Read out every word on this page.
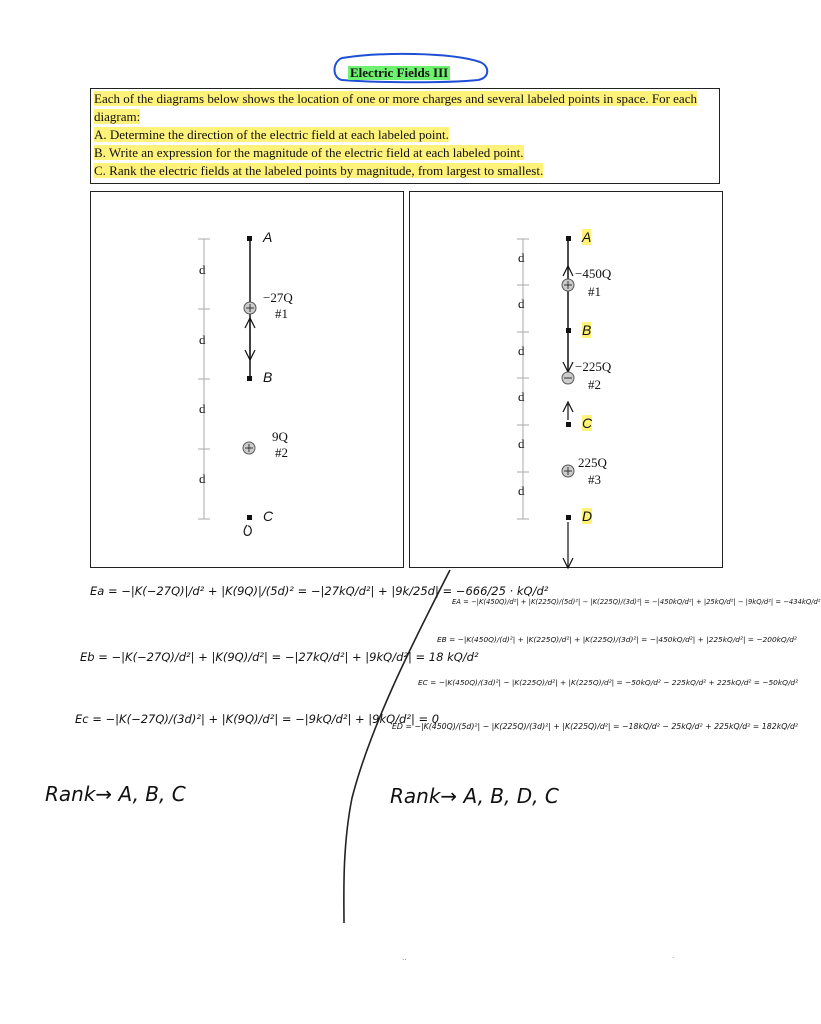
Electric Fields III
Each of the diagrams below shows the location of one or more charges and several labeled points in space. For each diagram:
A. Determine the direction of the electric field at each labeled point.
B. Write an expression for the magnitude of the electric field at each labeled point.
C. Rank the electric fields at the labeled points by magnitude, from largest to smallest.
d
d
d
d
A
B
C
−27Q
#1
9Q
#2
d
d
d
d
d
d
A
B
C
D
−450Q
#1
−225Q
#2
225Q
#3
Ea = −|K(−27Q)|/d² + |K(9Q)|/(5d)² = −|27kQ/d²| + |9k/25d| = −666/25 · kQ/d²
Eb = −|K(−27Q)/d²| + |K(9Q)/d²| = −|27kQ/d²| + |9kQ/d²| = 18 kQ/d²
Ec = −|K(−27Q)/(3d)²| + |K(9Q)/d²| = −|9kQ/d²| + |9kQ/d²| = 0
Rank→ A, B, C
EA = −|K(450Q)/d²| + |K(225Q)/(5d)²| − |K(225Q)/(3d)²| = −|450kQ/d²| + |25kQ/d²| − |9kQ/d²| = −434kQ/d²
EB = −|K(450Q)/(d)²| + |K(225Q)/d²| + |K(225Q)/(3d)²| = −|450kQ/d²| + |225kQ/d²| = −200kQ/d²
EC = −|K(450Q)/(3d)²| − |K(225Q)/d²| + |K(225Q)/d²| = −50kQ/d² − 225kQ/d² + 225kQ/d² = −50kQ/d²
ED = −|K(450Q)/(5d)²| − |K(225Q)/(3d)²| + |K(225Q)/d²| = −18kQ/d² − 25kQ/d² + 225kQ/d² = 182kQ/d²
Rank→ A, B, D, C
··	·
